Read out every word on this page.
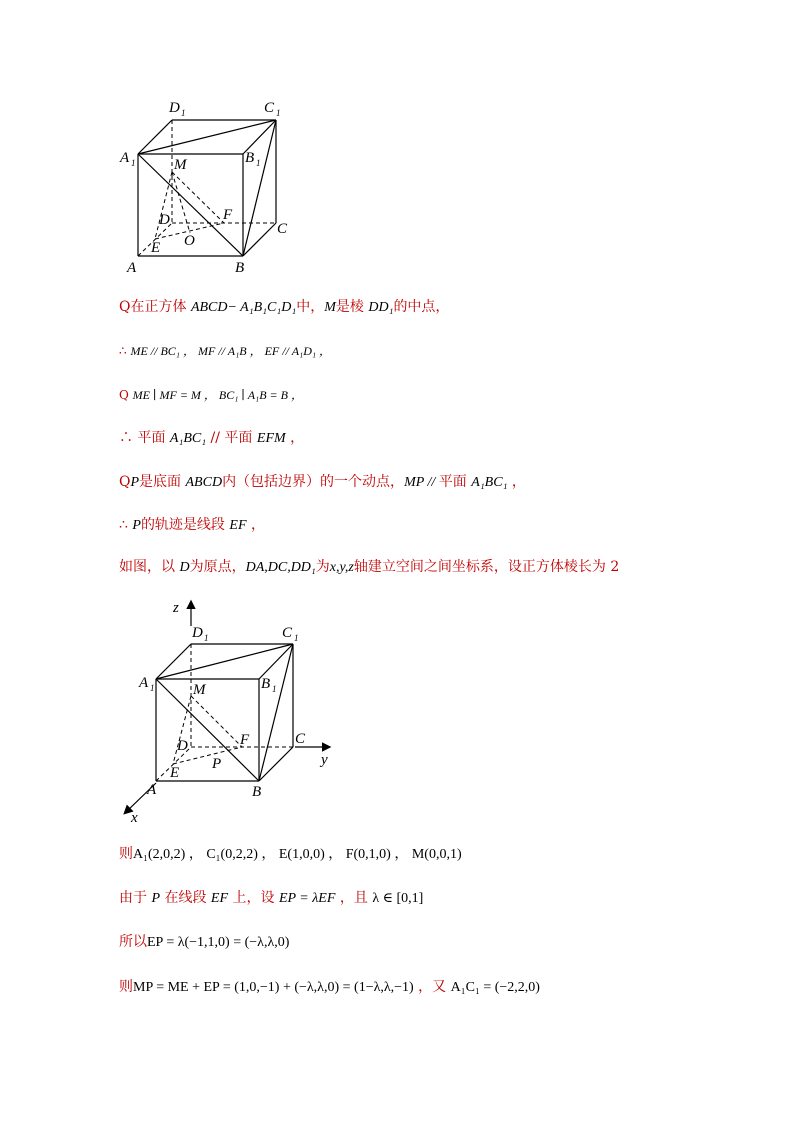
D 1	C 1
A 1	B 1
M
D	F
C
O
E
A	B
Q在正方体 ABCD− A₁B₁C₁D₁中，M是棱 DD₁的中点，
∴ ME // BC₁ ， MF // A₁B ， EF // A₁D₁ ，
Q ME ∣ MF = M ， BC₁ ∣ A₁B = B ，
∴ 平面 A₁BC₁ // 平面 EFM ，
QP是底面 ABCD内（包括边界）的一个动点，MP // 平面 A₁BC₁ ，
∴ P的轨迹是线段 EF ，
如图，以 D为原点，DA,DC,DD₁为x,y,z轴建立空间之间坐标系，设正方体棱长为 2
z
y
x
D 1	C 1
A 1	B 1
M
D	F	C
P
E
A	B
则A₁(2,0,2) ， C₁(0,2,2) ， E(1,0,0) ， F(0,1,0) ， M(0,0,1)
由于 P 在线段 EF 上，设 EP = λEF ，且 λ ∈ [0,1]
所以EP = λ(−1,1,0) = (−λ,λ,0)
则MP = ME + EP = (1,0,−1) + (−λ,λ,0) = (1−λ,λ,−1) ，又 A₁C₁ = (−2,2,0)
